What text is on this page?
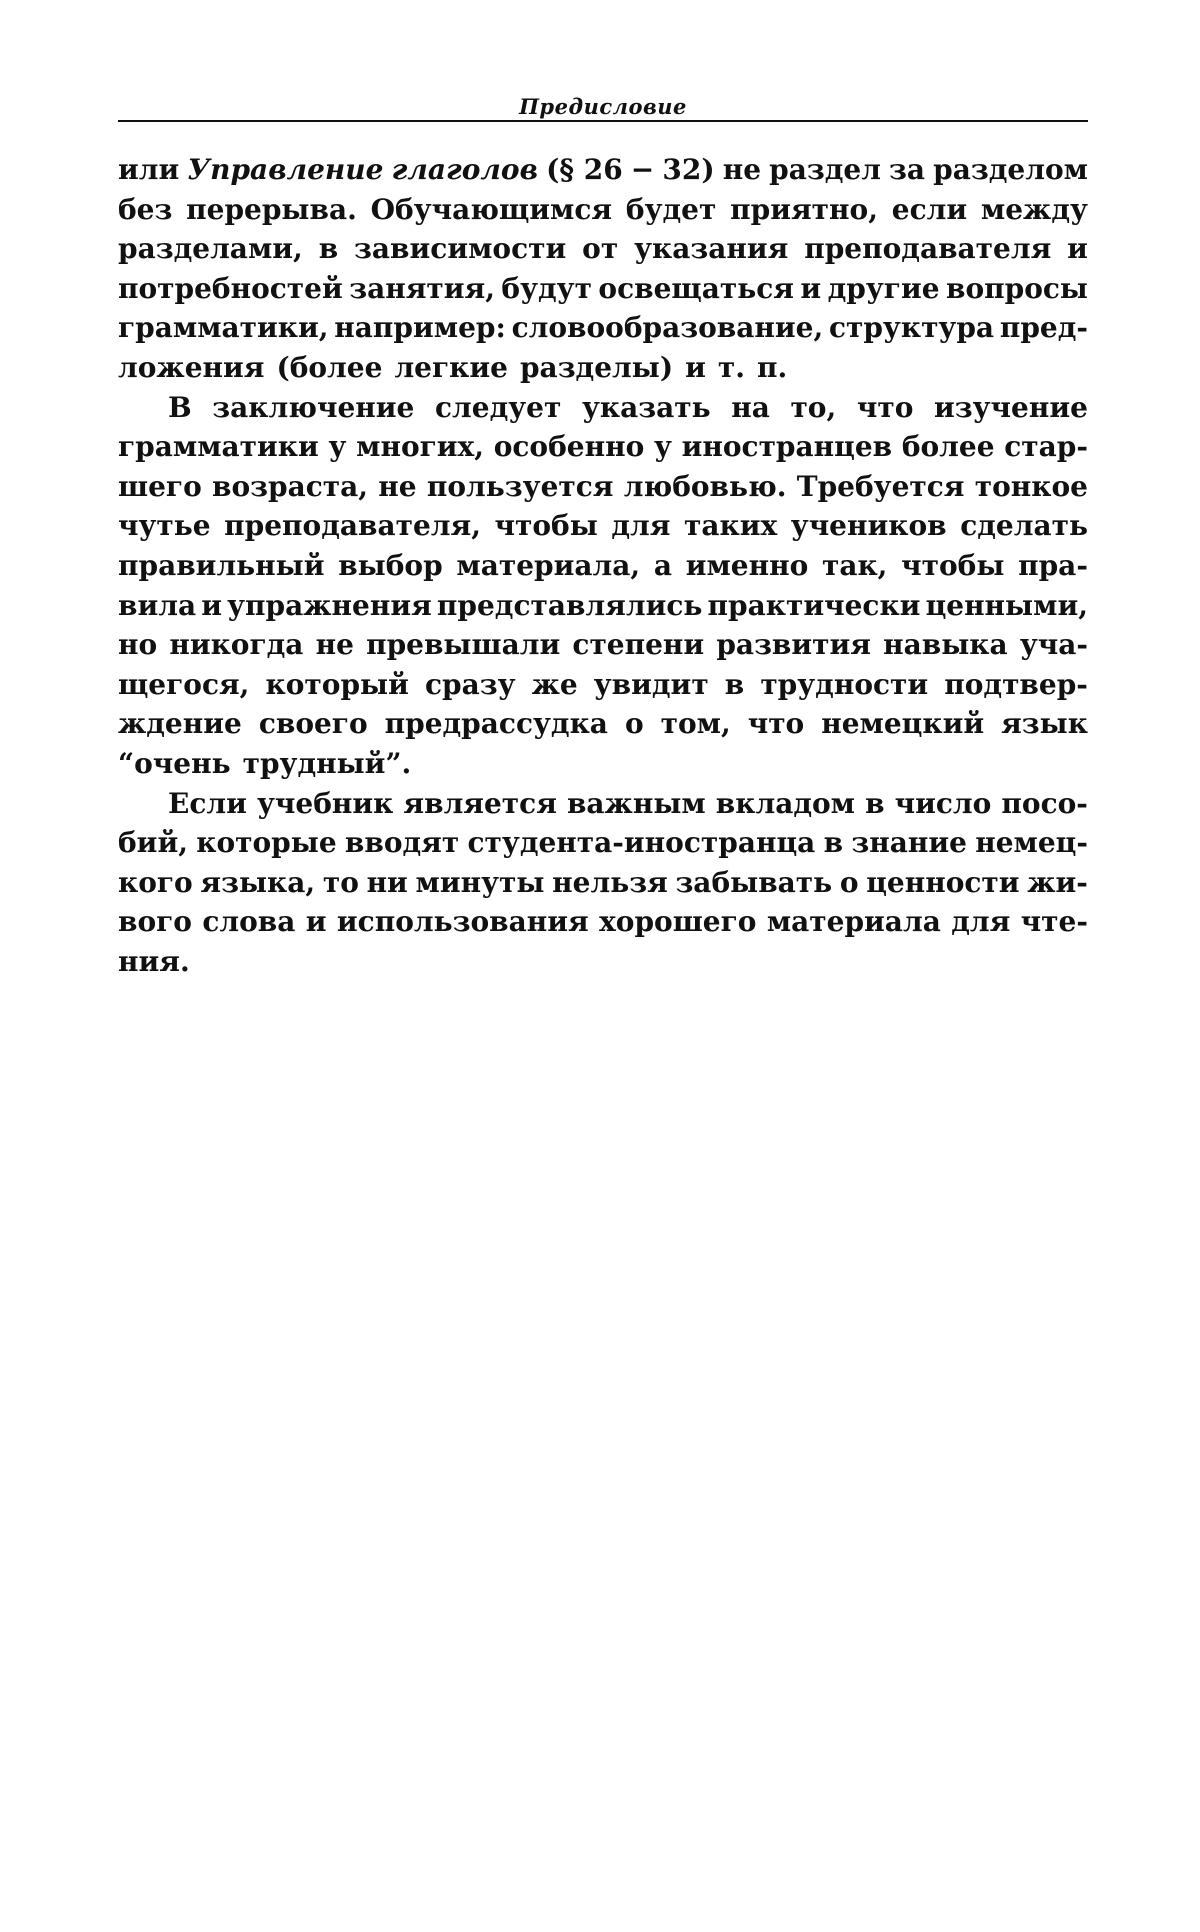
Предисловие
или Управление глаголов (§ 26 − 32) не раздел за разделом
без перерыва. Обучающимся будет приятно, если между
разделами, в зависимости от указания преподавателя и
потребностей занятия, будут освещаться и другие вопросы
грамматики, например: словообразование, структура пред-
ложения (более легкие разделы) и т. п.
В заключение следует указать на то, что изучение
грамматики у многих, особенно у иностранцев более стар-
шего возраста, не пользуется любовью. Требуется тонкое
чутье преподавателя, чтобы для таких учеников сделать
правильный выбор материала, а именно так, чтобы пра-
вила и упражнения представлялись практически ценными,
но никогда не превышали степени развития навыка уча-
щегося, который сразу же увидит в трудности подтвер-
ждение своего предрассудка о том, что немецкий язык
“очень трудный”.
Если учебник является важным вкладом в число посо-
бий, которые вводят студента-иностранца в знание немец-
кого языка, то ни минуты нельзя забывать о ценности жи-
вого слова и использования хорошего материала для чте-
ния.
